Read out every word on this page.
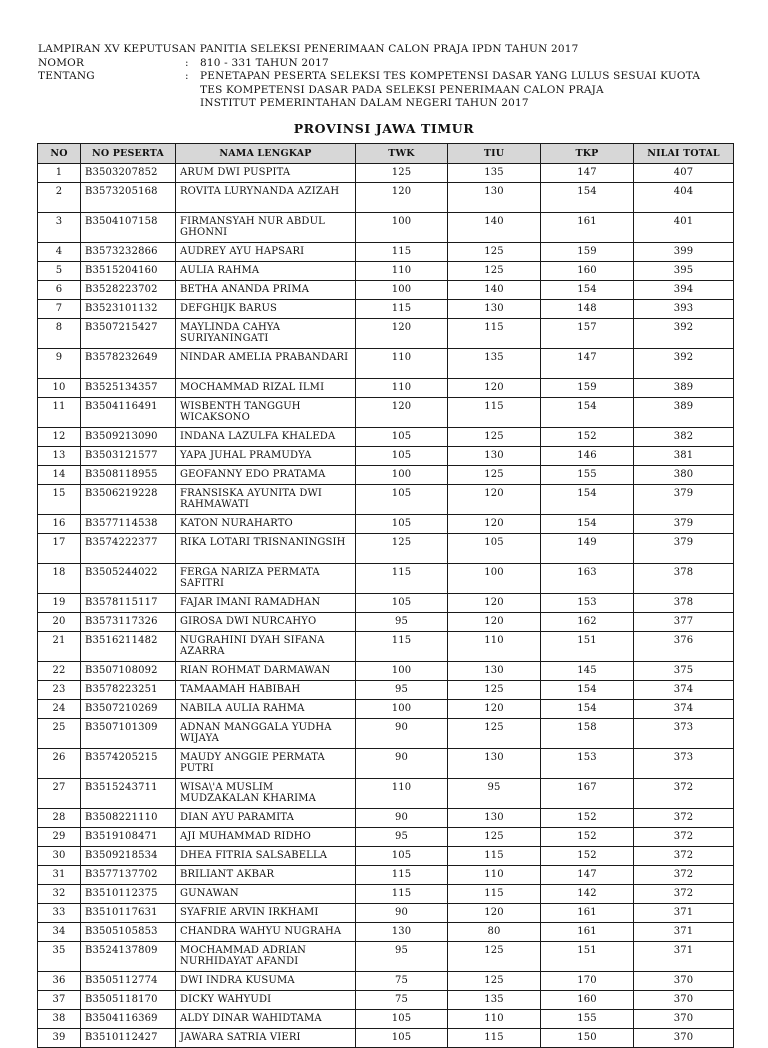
LAMPIRAN XV KEPUTUSAN PANITIA SELEKSI PENERIMAAN CALON PRAJA IPDN TAHUN 2017
NOMOR	:	810 - 331 TAHUN 2017
TENTANG	:	PENETAPAN PESERTA SELEKSI TES KOMPETENSI DASAR YANG LULUS SESUAI KUOTA
TES KOMPETENSI DASAR PADA SELEKSI PENERIMAAN CALON PRAJA
INSTITUT PEMERINTAHAN DALAM NEGERI TAHUN 2017
PROVINSI JAWA TIMUR
NO	NO PESERTA	NAMA LENGKAP	TWK	TIU	TKP	NILAI TOTAL
1	B3503207852	ARUM DWI PUSPITA	125	135	147	407
2	B3573205168	ROVITA LURYNANDA AZIZAH	120	130	154	404
3	B3504107158	FIRMANSYAH NUR ABDUL GHONNI	100	140	161	401
4	B3573232866	AUDREY AYU HAPSARI	115	125	159	399
5	B3515204160	AULIA RAHMA	110	125	160	395
6	B3528223702	BETHA ANANDA PRIMA	100	140	154	394
7	B3523101132	DEFGHIJK BARUS	115	130	148	393
8	B3507215427	MAYLINDA CAHYA SURIYANINGATI	120	115	157	392
9	B3578232649	NINDAR AMELIA PRABANDARI	110	135	147	392
10	B3525134357	MOCHAMMAD RIZAL ILMI	110	120	159	389
11	B3504116491	WISBENTH TANGGUH WICAKSONO	120	115	154	389
12	B3509213090	INDANA LAZULFA KHALEDA	105	125	152	382
13	B3503121577	YAPA JUHAL PRAMUDYA	105	130	146	381
14	B3508118955	GEOFANNY EDO PRATAMA	100	125	155	380
15	B3506219228	FRANSISKA AYUNITA DWI RAHMAWATI	105	120	154	379
16	B3577114538	KATON NURAHARTO	105	120	154	379
17	B3574222377	RIKA LOTARI TRISNANINGSIH	125	105	149	379
18	B3505244022	FERGA NARIZA PERMATA SAFITRI	115	100	163	378
19	B3578115117	FAJAR IMANI RAMADHAN	105	120	153	378
20	B3573117326	GIROSA DWI NURCAHYO	95	120	162	377
21	B3516211482	NUGRAHINI DYAH SIFANA AZARRA	115	110	151	376
22	B3507108092	RIAN ROHMAT DARMAWAN	100	130	145	375
23	B3578223251	TAMAAMAH HABIBAH	95	125	154	374
24	B3507210269	NABILA AULIA RAHMA	100	120	154	374
25	B3507101309	ADNAN MANGGALA YUDHA WIJAYA	90	125	158	373
26	B3574205215	MAUDY ANGGIE PERMATA PUTRI	90	130	153	373
27	B3515243711	WISA\'A MUSLIM MUDZAKALAN KHARIMA	110	95	167	372
28	B3508221110	DIAN AYU PARAMITA	90	130	152	372
29	B3519108471	AJI MUHAMMAD RIDHO	95	125	152	372
30	B3509218534	DHEA FITRIA SALSABELLA	105	115	152	372
31	B3577137702	BRILIANT AKBAR	115	110	147	372
32	B3510112375	GUNAWAN	115	115	142	372
33	B3510117631	SYAFRIE ARVIN IRKHAMI	90	120	161	371
34	B3505105853	CHANDRA WAHYU NUGRAHA	130	80	161	371
35	B3524137809	MOCHAMMAD ADRIAN NURHIDAYAT AFANDI	95	125	151	371
36	B3505112774	DWI INDRA KUSUMA	75	125	170	370
37	B3505118170	DICKY WAHYUDI	75	135	160	370
38	B3504116369	ALDY DINAR WAHIDTAMA	105	110	155	370
39	B3510112427	JAWARA SATRIA VIERI	105	115	150	370
